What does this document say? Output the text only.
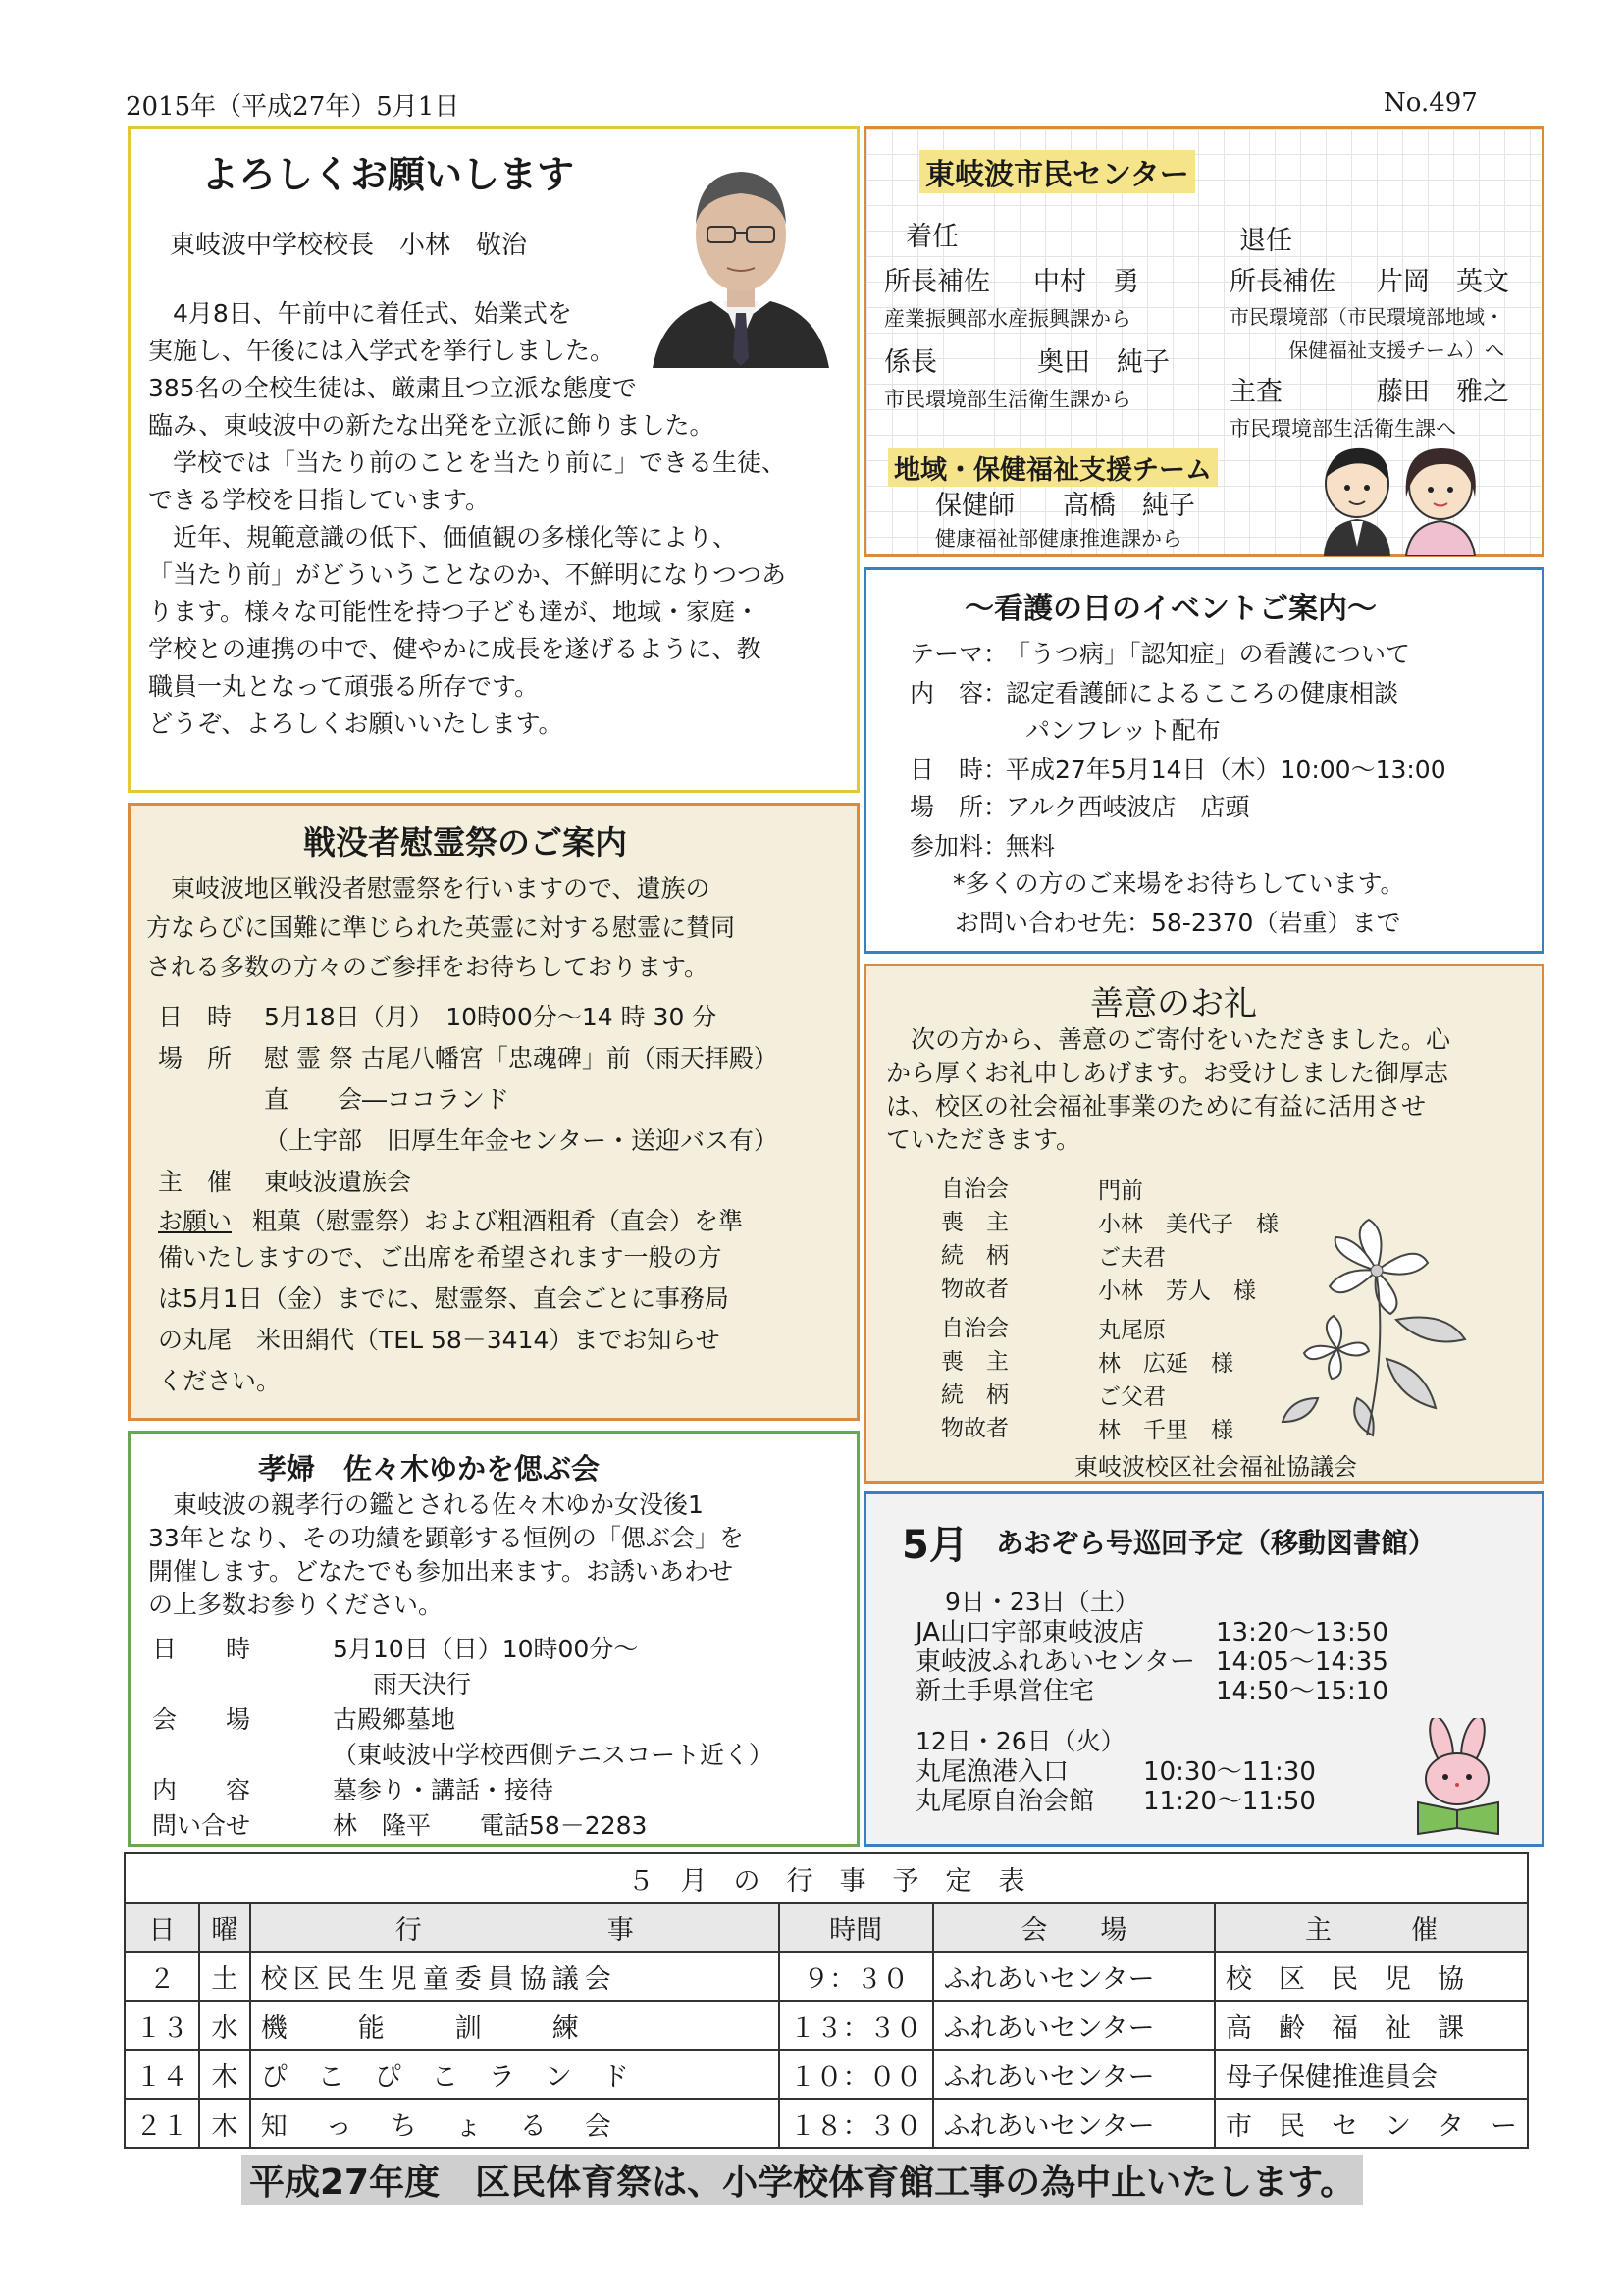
2015年（平成27年）5月1日	No.497
よろしくお願いします
東岐波中学校校長　小林　敬治
　4月8日、午前中に着任式、始業式を
実施し、午後には入学式を挙行しました。
385名の全校生徒は、厳粛且つ立派な態度で
臨み、東岐波中の新たな出発を立派に飾りました。
　学校では「当たり前のことを当たり前に」できる生徒、
できる学校を目指しています。
　近年、規範意識の低下、価値観の多様化等により、
「当たり前」がどういうことなのか、不鮮明になりつつあ
ります。様々な可能性を持つ子ども達が、地域・家庭・
学校との連携の中で、健やかに成長を遂げるように、教
職員一丸となって頑張る所存です。
どうぞ、よろしくお願いいたします。
東岐波市民センター
着任	退任
所長補佐 中村　勇
産業振興部水産振興課から
係長	奥田　純子
市民環境部生活衛生課から
所長補佐 片岡　英文
市民環境部（市民環境部地域・
保健福祉支援チーム）へ
主査	藤田　雅之
市民環境部生活衛生課へ
地域・保健福祉支援チーム
保健師 高橋　純子
健康福祉部健康推進課から
～看護の日のイベントご案内～
テーマ：
「うつ病」「認知症」の看護について
内　容：
認定看護師によるこころの健康相談
パンフレット配布
日　時：
平成27年5月14日（木）10:00～13:00
場　所：
アルク西岐波店　店頭
参加料：
無料
*多くの方のご来場をお待ちしています。
お問い合わせ先：58-2370（岩重）まで
戦没者慰霊祭のご案内
　東岐波地区戦没者慰霊祭を行いますので、遺族の
方ならびに国難に準じられた英霊に対する慰霊に賛同
される多数の方々のご参拝をお待ちしております。
日　時 5月18日（月）　10時00分～14 時 30 分
場　所 慰 霊 祭 古尾八幡宮「忠魂碑」前（雨天拝殿）
直　　会―ココランド
（上宇部　旧厚生年金センター・送迎バス有）
主　催 東岐波遺族会
お願い 粗菓（慰霊祭）および粗酒粗肴（直会）を準
備いたしますので、ご出席を希望されます一般の方
は5月1日（金）までに、慰霊祭、直会ごとに事務局
の丸尾　米田絹代（TEL 58－3414）までお知らせ
ください。
善意のお礼
　次の方から、善意のご寄付をいただきました。心
から厚くお礼申しあげます。お受けしました御厚志
は、校区の社会福祉事業のために有益に活用させ
ていただきます。
自治会	門前
喪　主	小林　美代子　様
続　柄	ご夫君
物故者	小林　芳人　様
自治会	丸尾原
喪　主	林　広延　様
続　柄	ご父君
物故者	林　千里　様
東岐波校区社会福祉協議会
孝婦　佐々木ゆかを偲ぶ会
　東岐波の親孝行の鑑とされる佐々木ゆか女没後1
33年となり、その功績を顕彰する恒例の「偲ぶ会」を
開催します。どなたでも参加出来ます。お誘いあわせ
の上多数お参りください。
日　　時	5月10日（日）10時00分～
　雨天決行
会　　場	古殿郷墓地
（東岐波中学校西側テニスコート近く）
内　　容	墓参り・講話・接待
問い合せ	林　隆平　　電話58－2283
5月 あおぞら号巡回予定（移動図書館）
9日・23日（土）
JA山口宇部東岐波店	13:20～13:50
東岐波ふれあいセンター 14:05～14:35
新土手県営住宅	14:50～15:10
12日・26日（火）
丸尾漁港入口	10:30～11:30
丸尾原自治会館 11:20～11:50
５　月　の　行　事　予　定　表					
日	曜	行　　　　　　　事	時間	会　　場	主　　　催
２	土	校区民生児童委員協議会	９：３０	ふれあいセンター	校　区　民　児　協
１３	水	機　　能　　訓　　練	１３：３０	ふれあいセンター	高　齢　福　祉　課
１４	木	ぴ　こ　ぴ　こ　ラ　ン　ド	１０：００	ふれあいセンター	母子保健推進員会
２１	木	知　っ　ち　ょ　る　会	１８：３０	ふれあいセンター	市　民　セ　ン　タ　ー
平成27年度　区民体育祭は、小学校体育館工事の為中止いたします。
